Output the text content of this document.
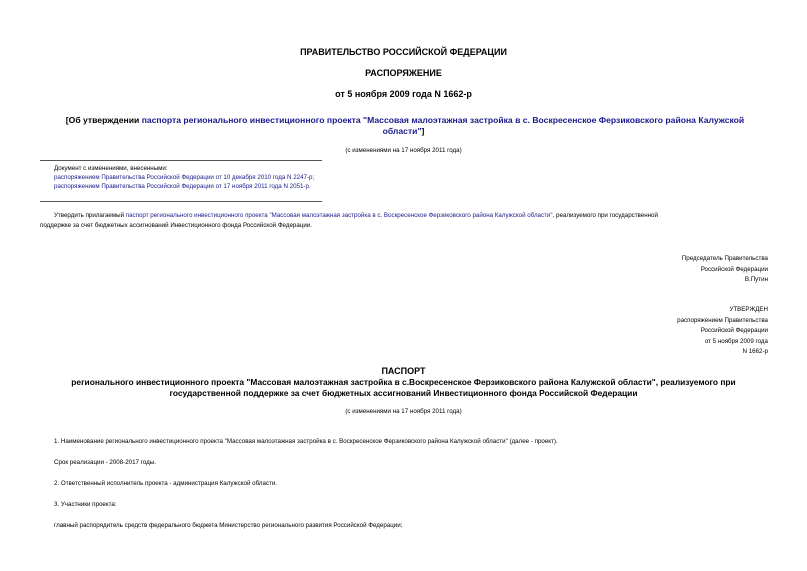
ПРАВИТЕЛЬСТВО РОССИЙСКОЙ ФЕДЕРАЦИИ
РАСПОРЯЖЕНИЕ
от 5 ноября 2009 года N 1662-р
[Об утверждении паспорта регионального инвестиционного проекта "Массовая малоэтажная застройка в с. Воскресенское Ферзиковского района Калужской
области"]
(с изменениями на 17 ноября 2011 года)

Документ с изменениями, внесенными:

распоряжением Правительства Российской Федерации от 10 декабря 2010 года N 2247-р;

распоряжением Правительства Российской Федерации от 17 ноября 2011 года N 2051-р.

Утвердить прилагаемый паспорт регионального инвестиционного проекта "Массовая малоэтажная застройка в с. Воскресенское Ферзиковского района Калужской области", реализуемого при государственной
поддержке за счет бюджетных ассигнований Инвестиционного фонда Российской Федерации.

Председатель Правительства

Российской Федерации

В.Путин

УТВЕРЖДЕН

распоряжением Правительства

Российской Федерации

от 5 ноября 2009 года

N 1662-р

ПАСПОРТ
регионального инвестиционного проекта "Массовая малоэтажная застройка в с.Воскресенское Ферзиковского района Калужской области", реализуемого при
государственной поддержке за счет бюджетных ассигнований Инвестиционного фонда Российской Федерации
(с изменениями на 17 ноября 2011 года)
1. Наименование регионального инвестиционного проекта "Массовая малоэтажная застройка в с. Воскресенское Ферзиковского района Калужской области" (далее - проект).
Срок реализации - 2008-2017 годы.
2. Ответственный исполнитель проекта - администрация Калужской области.
3. Участники проекта:
главный распорядитель средств федерального бюджета Министерство регионального развития Российской Федерации;
